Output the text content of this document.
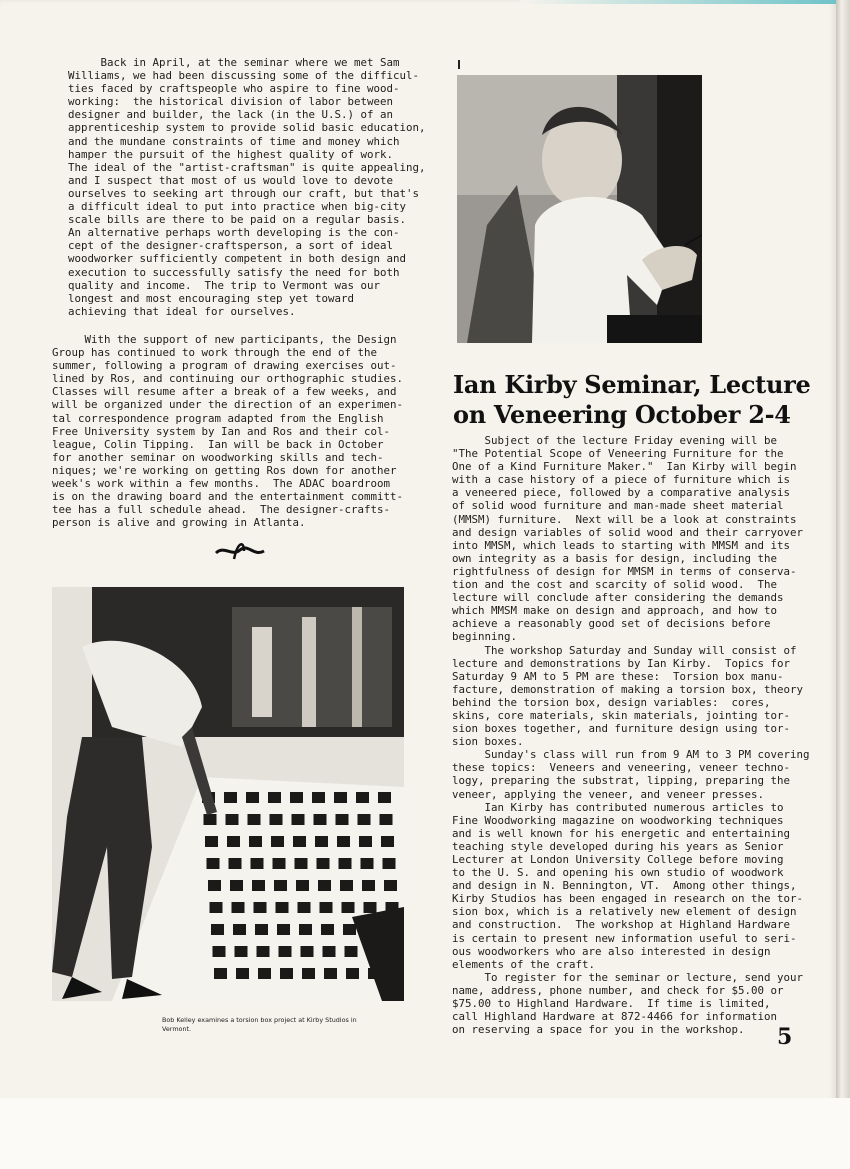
Back in April, at the seminar where we met Sam
Williams, we had been discussing some of the difficul-
ties faced by craftspeople who aspire to fine wood-
working:  the historical division of labor between
designer and builder, the lack (in the U.S.) of an
apprenticeship system to provide solid basic education,
and the mundane constraints of time and money which
hamper the pursuit of the highest quality of work.
The ideal of the "artist-craftsman" is quite appealing,
and I suspect that most of us would love to devote
ourselves to seeking art through our craft, but that's
a difficult ideal to put into practice when big-city
scale bills are there to be paid on a regular basis.
An alternative perhaps worth developing is the con-
cept of the designer-craftsperson, a sort of ideal
woodworker sufficiently competent in both design and
execution to successfully satisfy the need for both
quality and income.  The trip to Vermont was our
longest and most encouraging step yet toward
achieving that ideal for ourselves.
With the support of new participants, the Design
Group has continued to work through the end of the
summer, following a program of drawing exercises out-
lined by Ros, and continuing our orthographic studies.
Classes will resume after a break of a few weeks, and
will be organized under the direction of an experimen-
tal correspondence program adapted from the English
Free University system by Ian and Ros and their col-
league, Colin Tipping.  Ian will be back in October
for another seminar on woodworking skills and tech-
niques; we're working on getting Ros down for another
week's work within a few months.  The ADAC boardroom
is on the drawing board and the entertainment committ-
tee has a full schedule ahead.  The designer-crafts-
person is alive and growing in Atlanta.
Ian Kirby Seminar, Lecture on Veneering October 2-4
Subject of the lecture Friday evening will be
"The Potential Scope of Veneering Furniture for the
One of a Kind Furniture Maker."  Ian Kirby will begin
with a case history of a piece of furniture which is
a veneered piece, followed by a comparative analysis
of solid wood furniture and man-made sheet material
(MMSM) furniture.  Next will be a look at constraints
and design variables of solid wood and their carryover
into MMSM, which leads to starting with MMSM and its
own integrity as a basis for design, including the
rightfulness of design for MMSM in terms of conserva-
tion and the cost and scarcity of solid wood.  The
lecture will conclude after considering the demands
which MMSM make on design and approach, and how to
achieve a reasonably good set of decisions before
beginning.
The workshop Saturday and Sunday will consist of
lecture and demonstrations by Ian Kirby.  Topics for
Saturday 9 AM to 5 PM are these:  Torsion box manu-
facture, demonstration of making a torsion box, theory
behind the torsion box, design variables:  cores,
skins, core materials, skin materials, jointing tor-
sion boxes together, and furniture design using tor-
sion boxes.
Sunday's class will run from 9 AM to 3 PM covering
these topics:  Veneers and veneering, veneer techno-
logy, preparing the substrat, lipping, preparing the
veneer, applying the veneer, and veneer presses.
Ian Kirby has contributed numerous articles to
Fine Woodworking magazine on woodworking techniques
and is well known for his energetic and entertaining
teaching style developed during his years as Senior
Lecturer at London University College before moving
to the U. S. and opening his own studio of woodwork
and design in N. Bennington, VT.  Among other things,
Kirby Studios has been engaged in research on the tor-
sion box, which is a relatively new element of design
and construction.  The workshop at Highland Hardware
is certain to present new information useful to seri-
ous woodworkers who are also interested in design
elements of the craft.
To register for the seminar or lecture, send your
name, address, phone number, and check for $5.00 or
$75.00 to Highland Hardware.  If time is limited,
call Highland Hardware at 872-4466 for information
on reserving a space for you in the workshop.

Bob Kelley examines a torsion box project at Kirby Studios in Vermont.	5
